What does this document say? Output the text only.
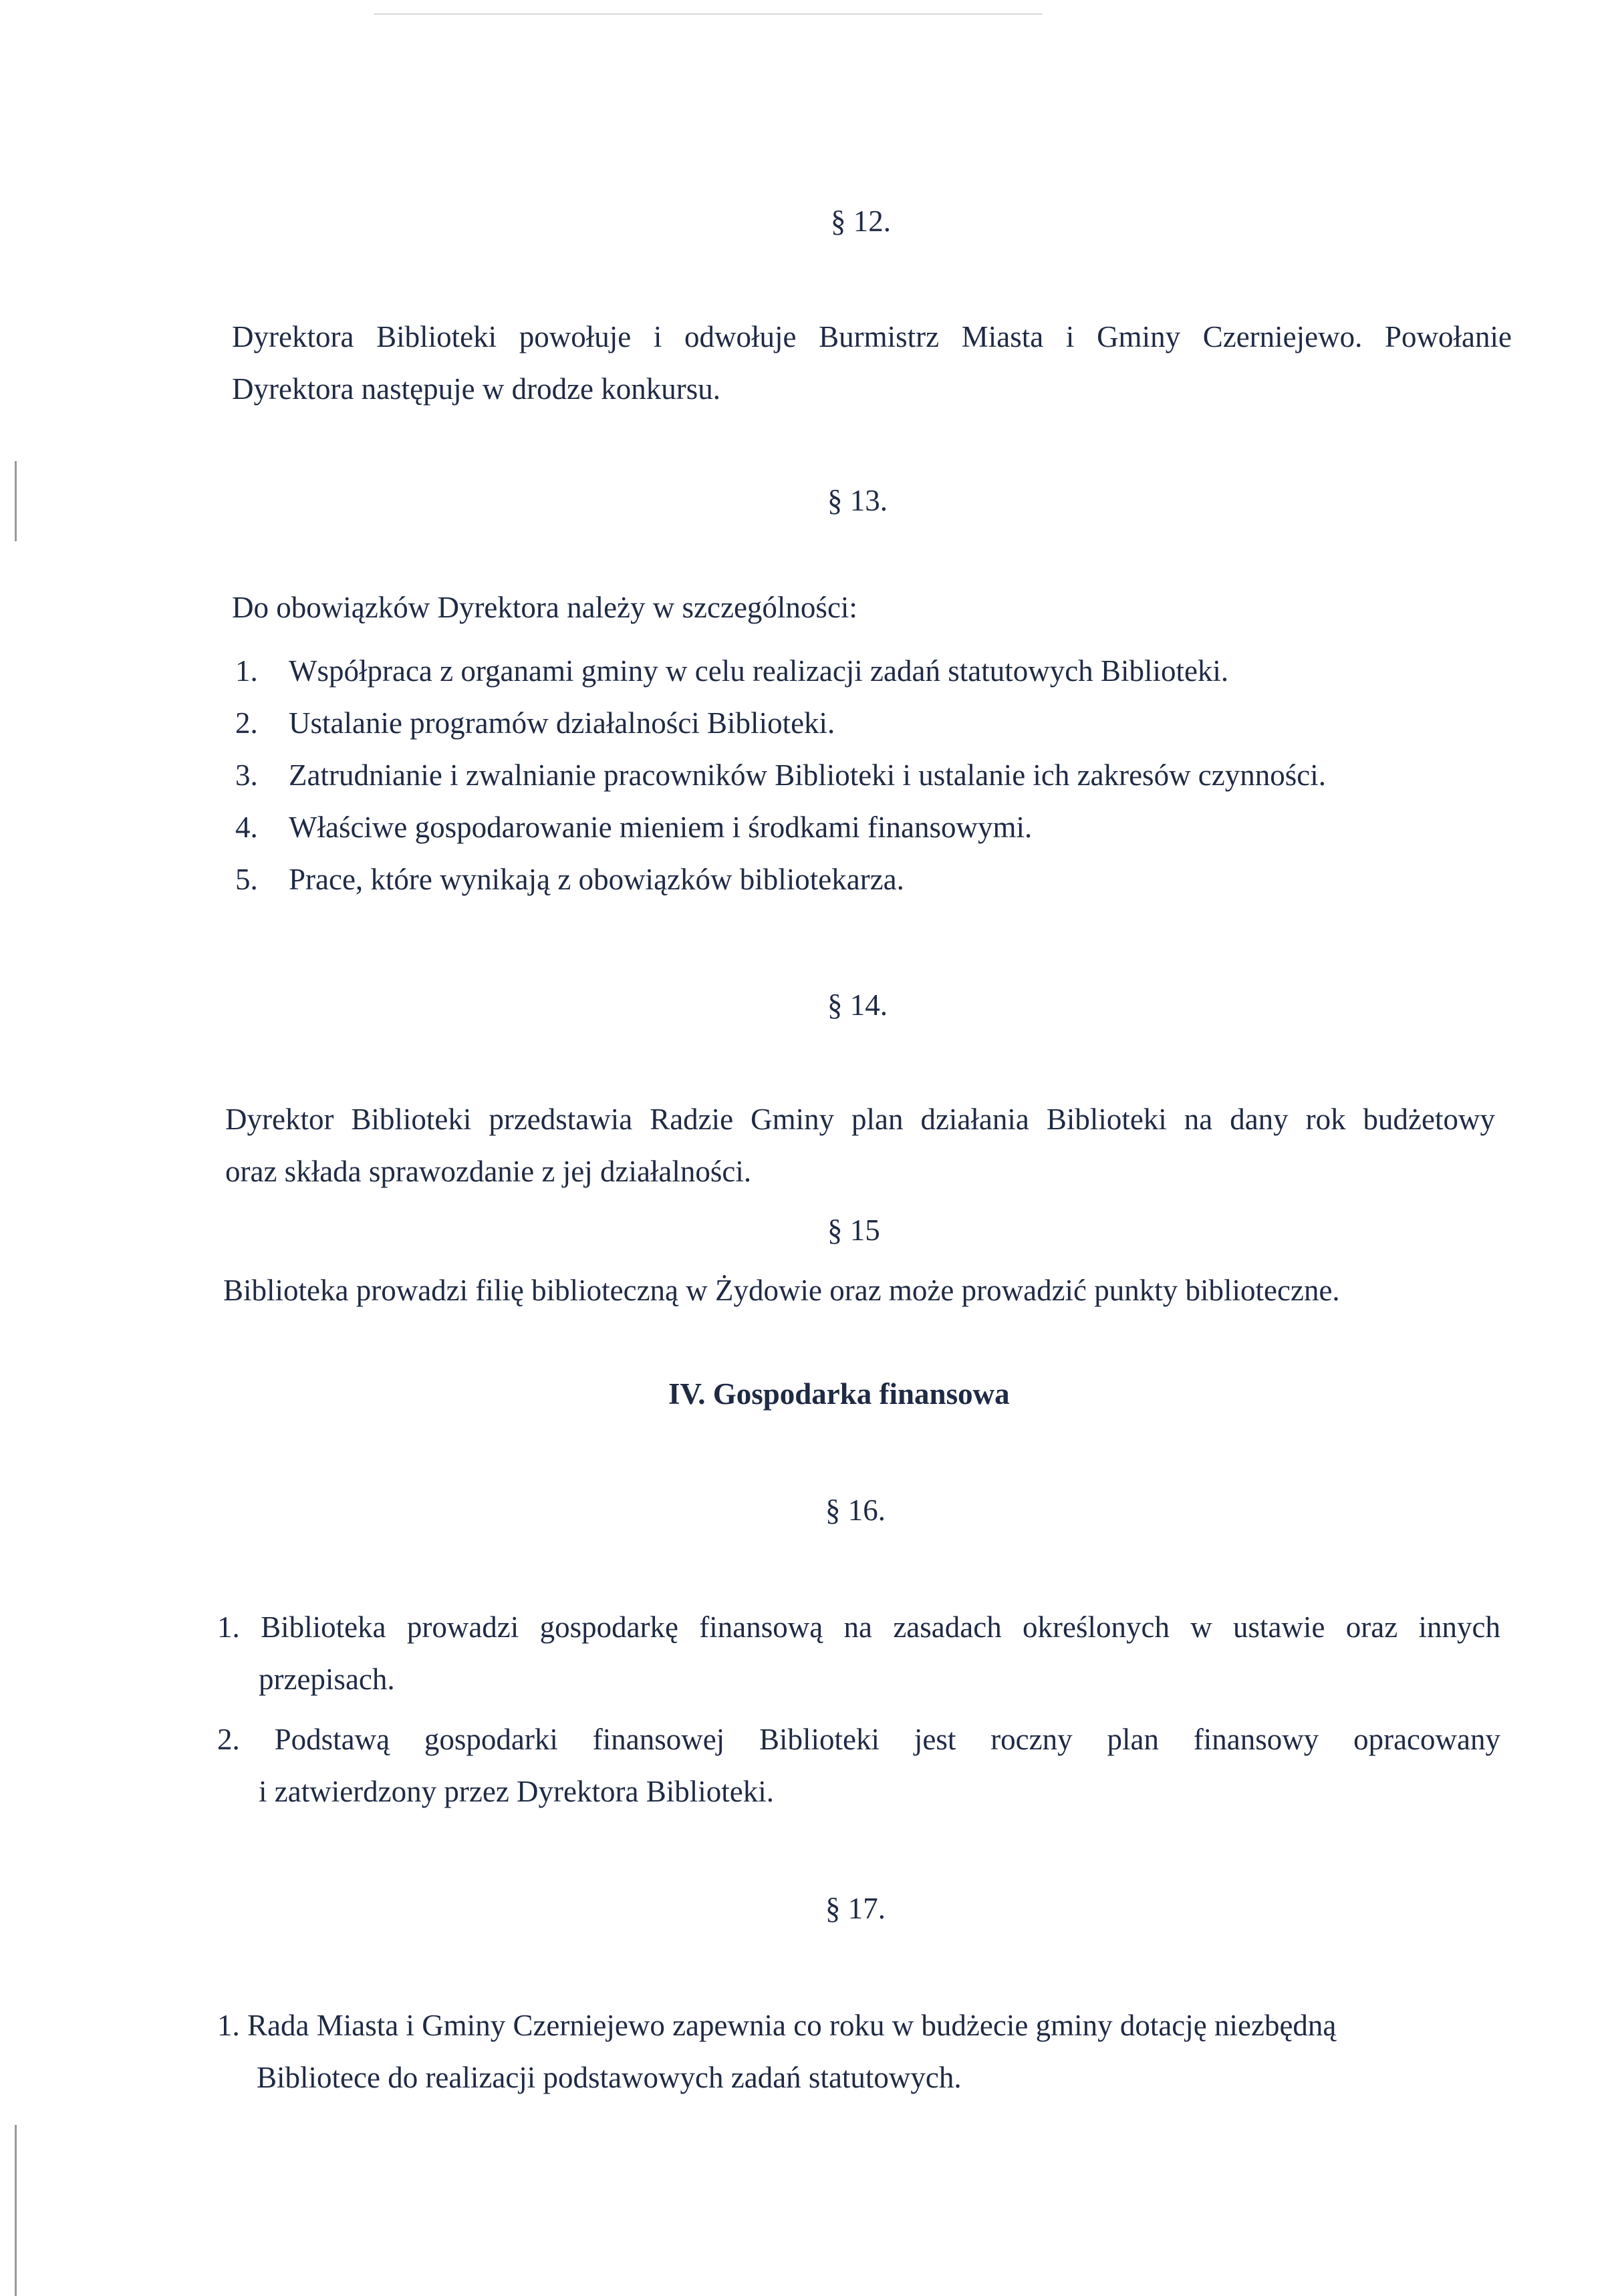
§ 12.
Dyrektora Biblioteki powołuje i odwołuje Burmistrz Miasta i Gminy Czerniejewo. Powołanie
Dyrektora następuje w drodze konkursu.
§ 13.
Do obowiązków Dyrektora należy w szczególności:
1. Współpraca z organami gminy w celu realizacji zadań statutowych Biblioteki.
2. Ustalanie programów działalności Biblioteki.
3. Zatrudnianie i zwalnianie pracowników Biblioteki i ustalanie ich zakresów czynności.
4. Właściwe gospodarowanie mieniem i środkami finansowymi.
5. Prace, które wynikają z obowiązków bibliotekarza.
§ 14.
Dyrektor Biblioteki przedstawia Radzie Gminy plan działania Biblioteki na dany rok budżetowy
oraz składa sprawozdanie z jej działalności.
§ 15
Biblioteka prowadzi filię biblioteczną w Żydowie oraz może prowadzić punkty biblioteczne.
IV. Gospodarka finansowa
§ 16.
1. Biblioteka prowadzi gospodarkę finansową na zasadach określonych w ustawie oraz innych
przepisach.
2. Podstawą gospodarki finansowej Biblioteki jest roczny plan finansowy opracowany
i zatwierdzony przez Dyrektora Biblioteki.
§ 17.
1. Rada Miasta i Gminy Czerniejewo zapewnia co roku w budżecie gminy dotację niezbędną
Bibliotece do realizacji podstawowych zadań statutowych.
